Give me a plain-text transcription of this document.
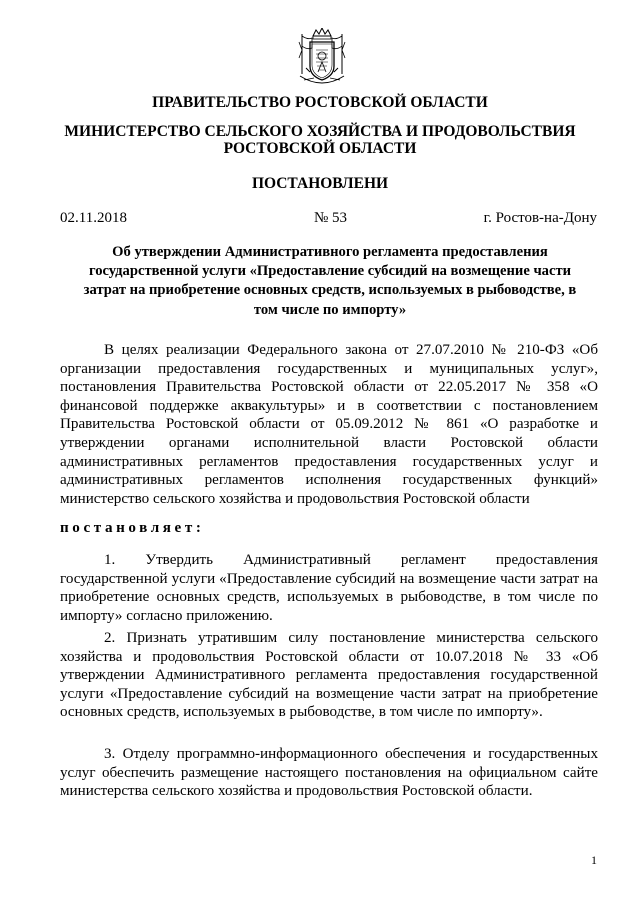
ПРАВИТЕЛЬСТВО РОСТОВСКОЙ ОБЛАСТИ
МИНИСТЕРСТВО СЕЛЬСКОГО ХОЗЯЙСТВА И ПРОДОВОЛЬСТВИЯ
РОСТОВСКОЙ ОБЛАСТИ
ПОСТАНОВЛЕНИ
02.11.2018	№ 53	г. Ростов-на-Дону
Об утверждении Административного регламента предоставления государственной услуги «Предоставление субсидий на возмещение части затрат на приобретение основных средств, используемых в рыбоводстве, в том числе по импорту»
В целях реализации Федерального закона от 27.07.2010 № 210-ФЗ «Об организации предоставления государственных и муниципальных услуг», постановления Правительства Ростовской области от 22.05.2017 № 358 «О финансовой поддержке аквакультуры» и в соответствии с постановлением Правительства Ростовской области от 05.09.2012 № 861 «О разработке и утверждении органами исполнительной власти Ростовской области административных регламентов предоставления государственных услуг и административных регламентов исполнения государственных функций» министерство сельского хозяйства и продовольствия Ростовской области
постановляет:
1. Утвердить Административный регламент предоставления государственной услуги «Предоставление субсидий на возмещение части затрат на приобретение основных средств, используемых в рыбоводстве, в том числе по импорту» согласно приложению.
2. Признать утратившим силу постановление министерства сельского хозяйства и продовольствия Ростовской области от 10.07.2018 № 33 «Об утверждении Административного регламента предоставления государственной услуги «Предоставление субсидий на возмещение части затрат на приобретение основных средств, используемых в рыбоводстве, в том числе по импорту».
3. Отделу программно-информационного обеспечения и государственных услуг обеспечить размещение настоящего постановления на официальном сайте министерства сельского хозяйства и продовольствия Ростовской области.
1
